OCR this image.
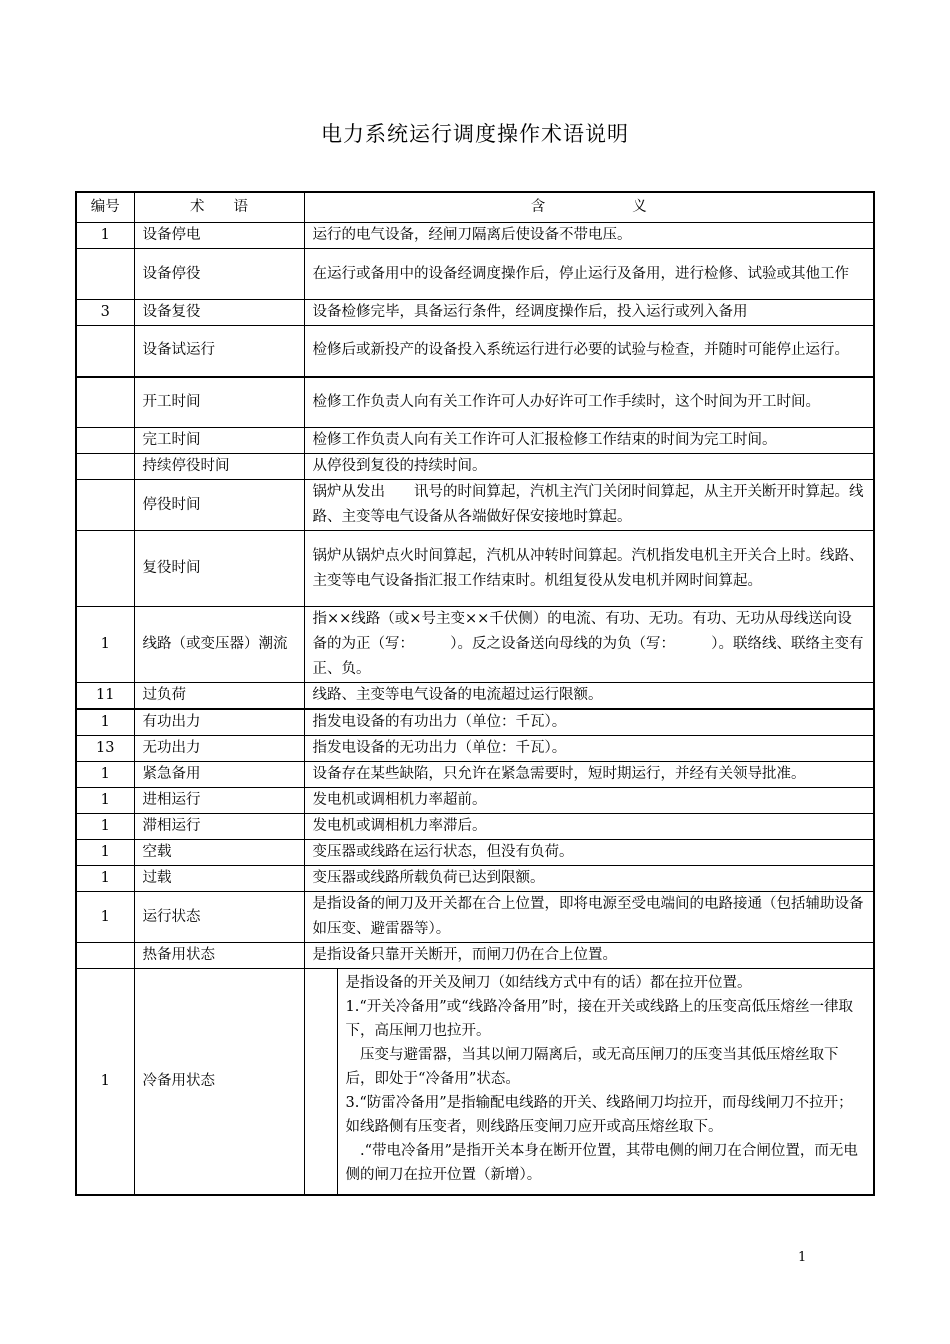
电力系统运行调度操作术语说明
编号	术　　语	含　　　　　　义
1	设备停电	运行的电气设备，经闸刀隔离后使设备不带电压。
	设备停役	在运行或备用中的设备经调度操作后，停止运行及备用，进行检修、试验或其他工作
3	设备复役	设备检修完毕，具备运行条件，经调度操作后，投入运行或列入备用
	设备试运行	检修后或新投产的设备投入系统运行进行必要的试验与检查，并随时可能停止运行。
	开工时间	检修工作负责人向有关工作许可人办好许可工作手续时，这个时间为开工时间。
	完工时间	检修工作负责人向有关工作许可人汇报检修工作结束的时间为完工时间。
	持续停役时间	从停役到复役的持续时间。
	停役时间	锅炉从发出　　讯号的时间算起，汽机主汽门关闭时间算起，从主开关断开时算起。线路、主变等电气设备从各端做好保安接地时算起。
	复役时间	锅炉从锅炉点火时间算起，汽机从冲转时间算起。汽机指发电机主开关合上时。线路、主变等电气设备指汇报工作结束时。机组复役从发电机并网时间算起。
1	线路（或变压器）潮流	指××线路（或×号主变××千伏侧）的电流、有功、无功。有功、无功从母线送向设备的为正（写：　　　）。反之设备送向母线的为负（写：　　　）。联络线、联络主变有正、负。
11	过负荷	线路、主变等电气设备的电流超过运行限额。
1	有功出力	指发电设备的有功出力（单位：千瓦）。
13	无功出力	指发电设备的无功出力（单位：千瓦）。
1	紧急备用	设备存在某些缺陷，只允许在紧急需要时，短时期运行，并经有关领导批准。
1	进相运行	发电机或调相机力率超前。
1	滞相运行	发电机或调相机力率滞后。
1	空载	变压器或线路在运行状态，但没有负荷。
1	过载	变压器或线路所载负荷已达到限额。
1	运行状态	是指设备的闸刀及开关都在合上位置，即将电源至受电端间的电路接通（包括辅助设备如压变、避雷器等）。
	热备用状态	是指设备只靠开关断开，而闸刀仍在合上位置。
1	冷备用状态	是指设备的开关及闸刀（如结线方式中有的话）都在拉开位置。
1.“开关冷备用”或“线路冷备用”时，接在开关或线路上的压变高低压熔丝一律取下，高压闸刀也拉开。
　压变与避雷器，当其以闸刀隔离后，或无高压闸刀的压变当其低压熔丝取下后，即处于“冷备用”状态。
3.“防雷冷备用”是指输配电线路的开关、线路闸刀均拉开，而母线闸刀不拉开；如线路侧有压变者，则线路压变闸刀应开或高压熔丝取下。
　.“带电冷备用”是指开关本身在断开位置，其带电侧的闸刀在合闸位置，而无电侧的闸刀在拉开位置（新增）。
1
